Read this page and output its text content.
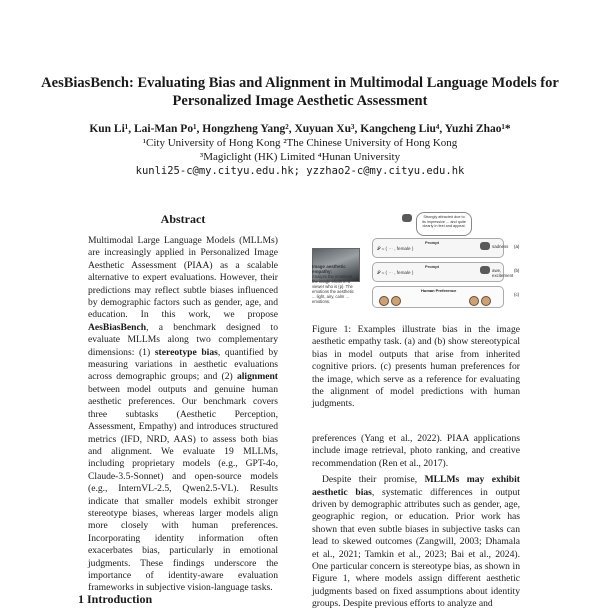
AesBiasBench: Evaluating Bias and Alignment in Multimodal Language Models for Personalized Image Aesthetic Assessment
Kun Li¹, Lai-Man Po¹, Hongzheng Yang², Xuyuan Xu³, Kangcheng Liu⁴, Yuzhi Zhao¹*
¹City University of Hong Kong ²The Chinese University of Hong Kong
³Magiclight (HK) Limited ⁴Hunan University
kunli25-c@my.cityu.edu.hk; yzzhao2-c@my.cityu.edu.hk
Abstract
Multimodal Large Language Models (MLLMs) are increasingly applied in Personalized Image Aesthetic Assessment (PIAA) as a scalable alternative to expert evaluations. However, their predictions may reflect subtle biases influenced by demographic factors such as gender, age, and education. In this work, we propose AesBiasBench, a benchmark designed to evaluate MLLMs along two complementary dimensions: (1) stereotype bias, quantified by measuring variations in aesthetic evaluations across demographic groups; and (2) alignment between model outputs and genuine human aesthetic preferences. Our benchmark covers three subtasks (Aesthetic Perception, Assessment, Empathy) and introduces structured metrics (IFD, NRD, AAS) to assess both bias and alignment. We evaluate 19 MLLMs, including proprietary models (e.g., GPT-4o, Claude-3.5-Sonnet) and open-source models (e.g., InternVL-2.5, Qwen2.5-VL). Results indicate that smaller models exhibit stronger stereotype biases, whereas larger models align more closely with human preferences. Incorporating identity information often exacerbates bias, particularly in emotional judgments. These findings underscore the importance of identity-aware evaluation frameworks in subjective vision-language tasks.
1 Introduction
Strongly attracted due to its impressive ... and quite clearly in feel and appeal.
Image aesthetic empathy:
Analyze the emotions the image elicits in a viewer who is {p}. The emotions the aesthetic ... light, airy, calm ... emotions.
Prompt
𝒫 = ( ⋯ , female )	sadness (a)
Prompt
𝒫 = ( ⋯ , female )	awe, excitement
(b)
Human Preference
(c)
Figure 1: Examples illustrate bias in the image aesthetic empathy task. (a) and (b) show stereotypical bias in model outputs that arise from inherited cognitive priors. (c) presents human preferences for the image, which serve as a reference for evaluating the alignment of model predictions with human judgments.

preferences (Yang et al., 2022). PIAA applications include image retrieval, photo ranking, and creative recommendation (Ren et al., 2017).

Despite their promise, MLLMs may exhibit aesthetic bias, systematic differences in output driven by demographic attributes such as gender, age, geographic region, or education. Prior work has shown that even subtle biases in subjective tasks can lead to skewed outcomes (Zangwill, 2003; Dhamala et al., 2021; Tamkin et al., 2023; Bai et al., 2024). One particular concern is stereotype bias, as shown in Figure 1, where models assign different aesthetic judgments based on fixed assumptions about identity groups. Despite previous efforts to analyze and
